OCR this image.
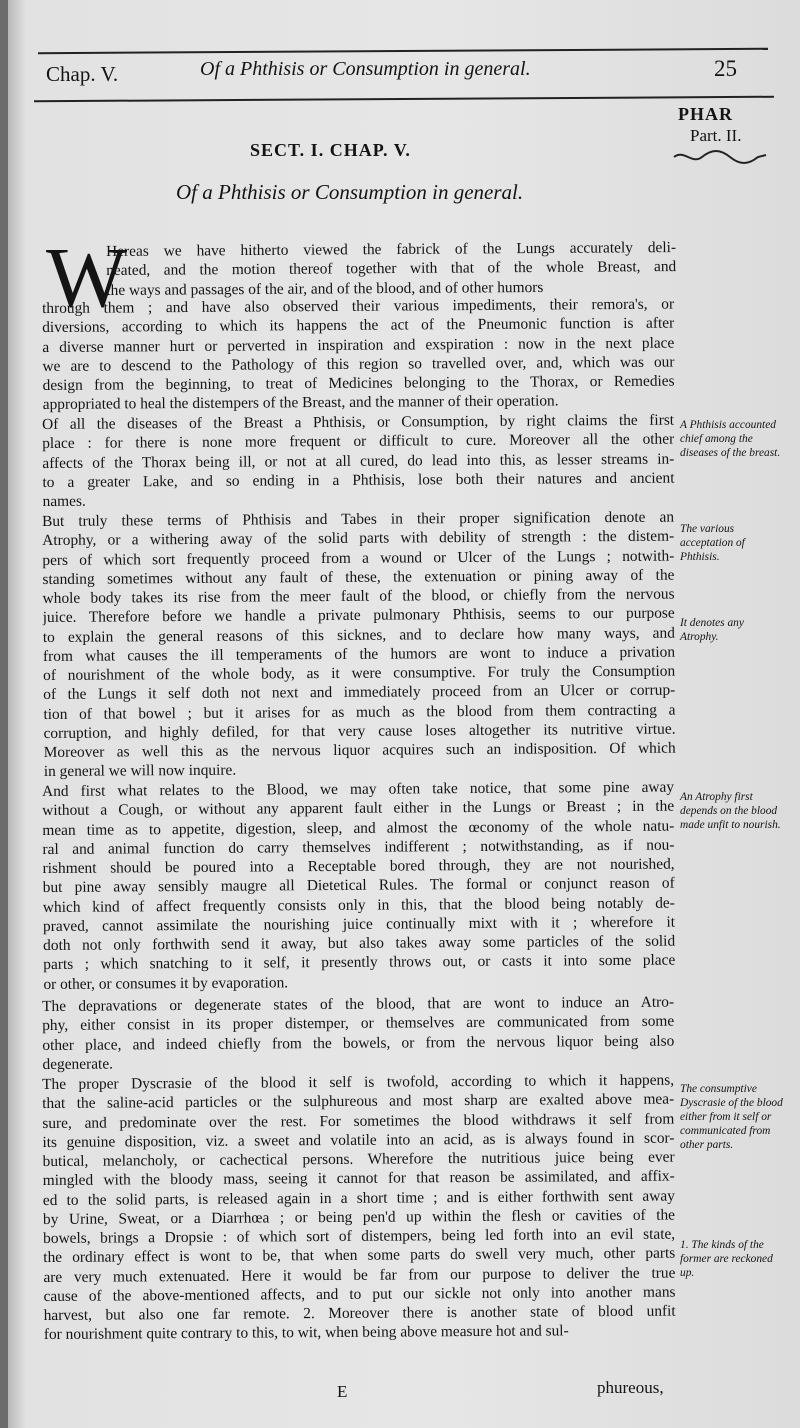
Chap. V.	Of a Phthisis or Consumption in general.	25
PHAR
Part. II.
SECT. I. CHAP. V.
Of a Phthisis or Consumption in general.
W
Hereas we have hitherto viewed the fabrick of the Lungs accurately deli-
neated, and the motion thereof together with that of the whole Breast, and
the ways and passages of the air, and of the blood, and of other humors
through them ; and have also observed their various impediments, their remora's, or
diversions, according to which its happens the act of the Pneumonic function is after
a diverse manner hurt or perverted in inspiration and exspiration : now in the next place
we are to descend to the Pathology of this region so travelled over, and, which was our
design from the beginning, to treat of Medicines belonging to the Thorax, or Remedies
appropriated to heal the distempers of the Breast, and the manner of their operation.
Of all the diseases of the Breast a Phthisis, or Consumption, by right claims the first
place : for there is none more frequent or difficult to cure. Moreover all the other
affects of the Thorax being ill, or not at all cured, do lead into this, as lesser streams in-
to a greater Lake, and so ending in a Phthisis, lose both their natures and ancient
names.
But truly these terms of Phthisis and Tabes in their proper signification denote an
Atrophy, or a withering away of the solid parts with debility of strength : the distem-
pers of which sort frequently proceed from a wound or Ulcer of the Lungs ; notwith-
standing sometimes without any fault of these, the extenuation or pining away of the
whole body takes its rise from the meer fault of the blood, or chiefly from the nervous
juice. Therefore before we handle a private pulmonary Phthisis, seems to our purpose
to explain the general reasons of this sicknes, and to declare how many ways, and
from what causes the ill temperaments of the humors are wont to induce a privation
of nourishment of the whole body, as it were consumptive. For truly the Consumption
of the Lungs it self doth not next and immediately proceed from an Ulcer or corrup-
tion of that bowel ; but it arises for as much as the blood from them contracting a
corruption, and highly defiled, for that very cause loses altogether its nutritive virtue.
Moreover as well this as the nervous liquor acquires such an indisposition. Of which
in general we will now inquire.
And first what relates to the Blood, we may often take notice, that some pine away
without a Cough, or without any apparent fault either in the Lungs or Breast ; in the
mean time as to appetite, digestion, sleep, and almost the œconomy of the whole natu-
ral and animal function do carry themselves indifferent ; notwithstanding, as if nou-
rishment should be poured into a Receptable bored through, they are not nourished,
but pine away sensibly maugre all Dietetical Rules. The formal or conjunct reason of
which kind of affect frequently consists only in this, that the blood being notably de-
praved, cannot assimilate the nourishing juice continually mixt with it ; wherefore it
doth not only forthwith send it away, but also takes away some particles of the solid
parts ; which snatching to it self, it presently throws out, or casts it into some place
or other, or consumes it by evaporation.
The depravations or degenerate states of the blood, that are wont to induce an Atro-
phy, either consist in its proper distemper, or themselves are communicated from some
other place, and indeed chiefly from the bowels, or from the nervous liquor being also
degenerate.
The proper Dyscrasie of the blood it self is twofold, according to which it happens,
that the saline-acid particles or the sulphureous and most sharp are exalted above mea-
sure, and predominate over the rest. For sometimes the blood withdraws it self from
its genuine disposition, viz. a sweet and volatile into an acid, as is always found in scor-
butical, melancholy, or cachectical persons. Wherefore the nutritious juice being ever
mingled with the bloody mass, seeing it cannot for that reason be assimilated, and affix-
ed to the solid parts, is released again in a short time ; and is either forthwith sent away
by Urine, Sweat, or a Diarrhœa ; or being pen'd up within the flesh or cavities of the
bowels, brings a Dropsie : of which sort of distempers, being led forth into an evil state,
the ordinary effect is wont to be, that when some parts do swell very much, other parts
are very much extenuated. Here it would be far from our purpose to deliver the true
cause of the above-mentioned affects, and to put our sickle not only into another mans
harvest, but also one far remote. 2. Moreover there is another state of blood unfit
for nourishment quite contrary to this, to wit, when being above measure hot and sul-
A Phthisis accounted chief among the diseases of the breast.
The various acceptation of Phthisis.
It denotes any Atrophy.
An Atrophy first depends on the blood made unfit to nourish.
The consumptive Dyscrasie of the blood either from it self or communicated from other parts.
1. The kinds of the former are reckoned up.
E	phureous,
